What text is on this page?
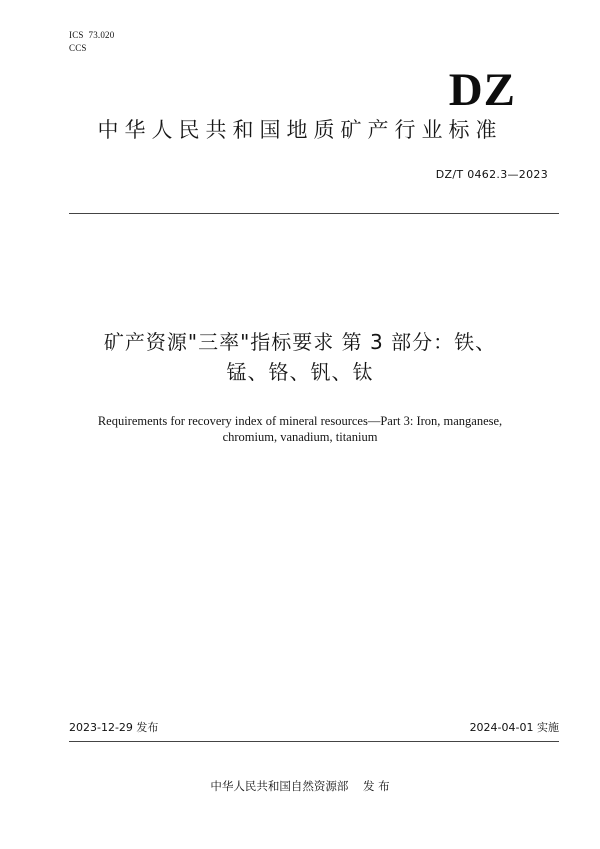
ICS  73.020
CCS
DZ
中华人民共和国地质矿产行业标准
DZ/T 0462.3—2023
矿产资源"三率"指标要求 第 3 部分：铁、
锰、铬、钒、钛
Requirements for recovery index of mineral resources—Part 3: Iron, manganese,
chromium, vanadium, titanium
2023-12-29 发布	2024-04-01 实施
中华人民共和国自然资源部    发 布
